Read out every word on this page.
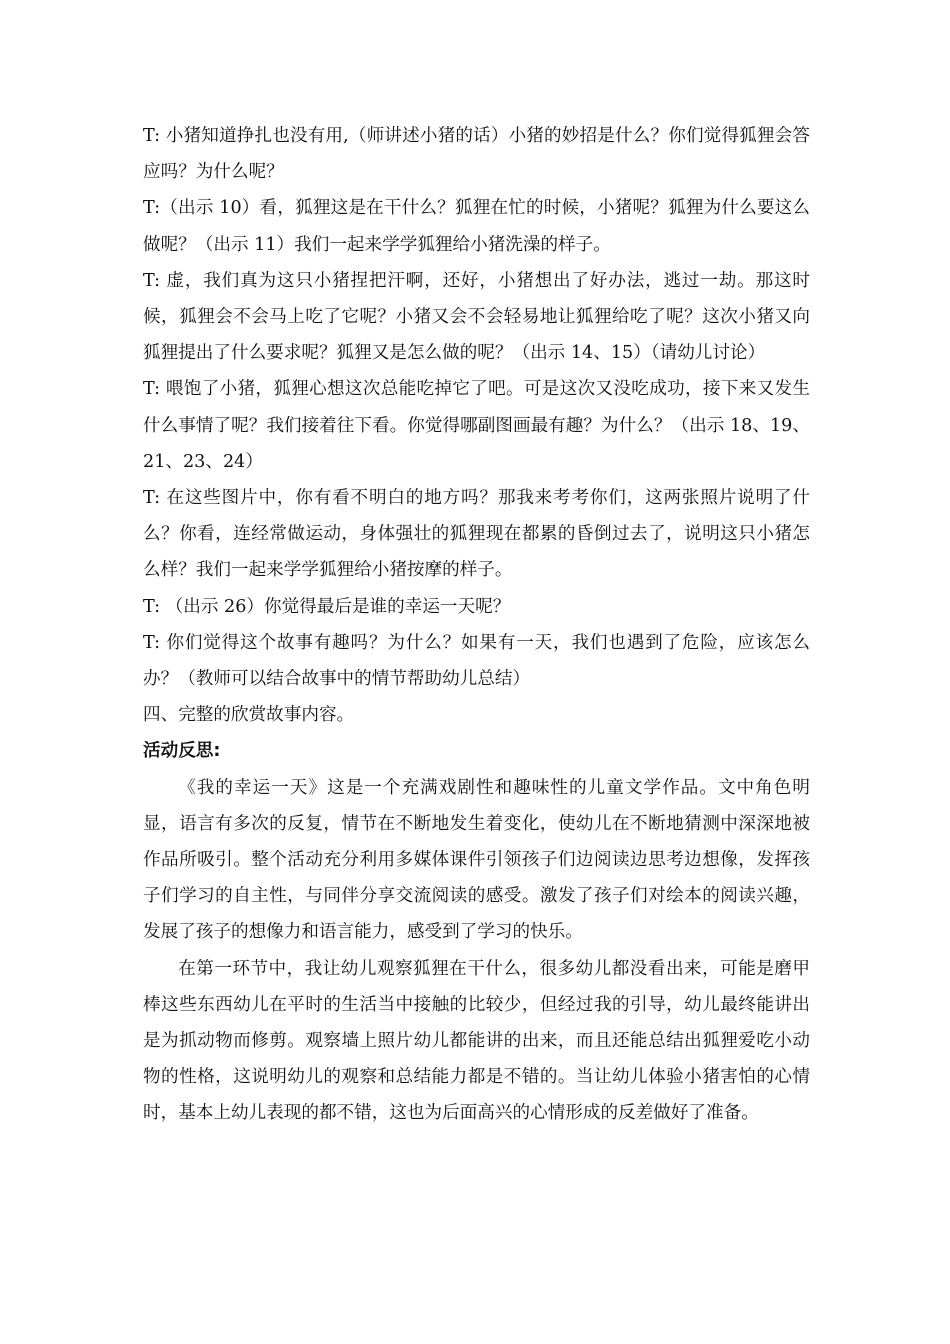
T: 小猪知道挣扎也没有用,（师讲述小猪的话）小猪的妙招是什么？你们觉得狐狸会答应吗？为什么呢？

T:（出示 10）看，狐狸这是在干什么？狐狸在忙的时候，小猪呢？狐狸为什么要这么做呢？（出示 11）我们一起来学学狐狸给小猪洗澡的样子。

T: 虚，我们真为这只小猪捏把汗啊，还好，小猪想出了好办法，逃过一劫。那这时候，狐狸会不会马上吃了它呢？小猪又会不会轻易地让狐狸给吃了呢？这次小猪又向狐狸提出了什么要求呢？狐狸又是怎么做的呢？（出示 14、15）（请幼儿讨论）

T: 喂饱了小猪，狐狸心想这次总能吃掉它了吧。可是这次又没吃成功，接下来又发生什么事情了呢？我们接着往下看。你觉得哪副图画最有趣？为什么？（出示 18、19、21、23、24）

T: 在这些图片中，你有看不明白的地方吗？那我来考考你们，这两张照片说明了什么？你看，连经常做运动，身体强壮的狐狸现在都累的昏倒过去了，说明这只小猪怎么样？我们一起来学学狐狸给小猪按摩的样子。

T: （出示 26）你觉得最后是谁的幸运一天呢？

T: 你们觉得这个故事有趣吗？为什么？如果有一天，我们也遇到了危险，应该怎么办？（教师可以结合故事中的情节帮助幼儿总结）

四、完整的欣赏故事内容。

活动反思:

《我的幸运一天》这是一个充满戏剧性和趣味性的儿童文学作品。文中角色明显，语言有多次的反复，情节在不断地发生着变化，使幼儿在不断地猜测中深深地被作品所吸引。整个活动充分利用多媒体课件引领孩子们边阅读边思考边想像，发挥孩子们学习的自主性，与同伴分享交流阅读的感受。激发了孩子们对绘本的阅读兴趣，发展了孩子的想像力和语言能力，感受到了学习的快乐。

在第一环节中，我让幼儿观察狐狸在干什么，很多幼儿都没看出来，可能是磨甲棒这些东西幼儿在平时的生活当中接触的比较少，但经过我的引导，幼儿最终能讲出是为抓动物而修剪。观察墙上照片幼儿都能讲的出来，而且还能总结出狐狸爱吃小动物的性格，这说明幼儿的观察和总结能力都是不错的。当让幼儿体验小猪害怕的心情时，基本上幼儿表现的都不错，这也为后面高兴的心情形成的反差做好了准备。
